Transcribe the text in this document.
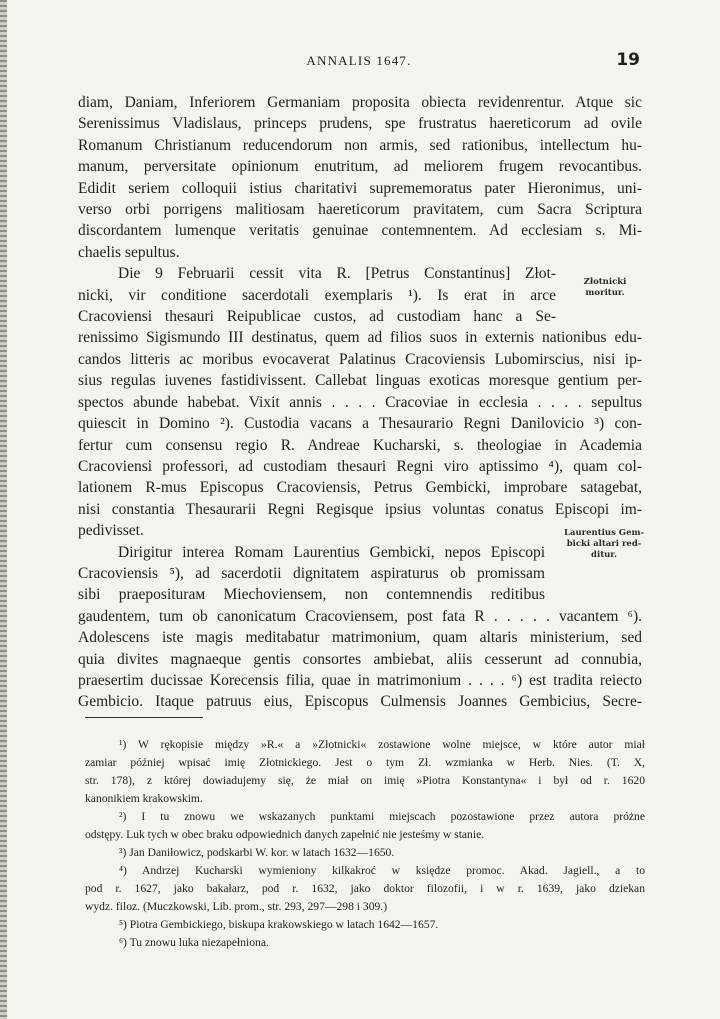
ANNALIS 1647.	19

diam, Daniam, Inferiorem Germaniam proposita obiecta revidenrentur. Atque sic

Serenissimus Vladislaus, princeps prudens, spe frustratus haereticorum ad ovile

Romanum Christianum reducendorum non armis, sed rationibus, intellectum hu-

manum, perversitate opinionum enutritum, ad meliorem frugem revocantibus.

Edidit seriem colloquii istius charitativi suprememoratus pater Hieronimus, uni-

verso orbi porrigens malitiosam haereticorum pravitatem, cum Sacra Scriptura

discordantem lumenque veritatis genuinae contemnentem. Ad ecclesiam s. Mi-

chaelis sepultus.

Die 9 Februarii cessit vita R. [Petrus Constantinus] Złot-

nicki, vir conditione sacerdotali exemplaris ¹). Is erat in arce

Cracoviensi thesauri Reipublicae custos, ad custodiam hanc a Se-

renissimo Sigismundo III destinatus, quem ad filios suos in externis nationibus edu-

candos litteris ac moribus evocaverat Palatinus Cracoviensis Lubomirscius, nisi ip-

sius regulas iuvenes fastidivissent. Callebat linguas exoticas moresque gentium per-

spectos abunde habebat. Vixit annis . . . . Cracoviae in ecclesia . . . . sepultus

quiescit in Domino ²). Custodia vacans a Thesaurario Regni Danilovicio ³) con-

fertur cum consensu regio R. Andreae Kucharski, s. theologiae in Academia

Cracoviensi professori, ad custodiam thesauri Regni viro aptissimo ⁴), quam col-

lationem R-mus Episcopus Cracoviensis, Petrus Gembicki, improbare satagebat,

nisi constantia Thesaurarii Regni Regisque ipsius voluntas conatus Episcopi im-

pedivisset.

Dirigitur interea Romam Laurentius Gembicki, nepos Episcopi

Cracoviensis ⁵), ad sacerdotii dignitatem aspiraturus ob promissam

sibi praepositurам Miechoviensem, non contemnendis reditibus

gaudentem, tum ob canonicatum Cracoviensem, post fata R . . . . . vacantem ⁶).

Adolescens iste magis meditabatur matrimonium, quam altaris ministerium, sed

quia divites magnaeque gentis consortes ambiebat, aliis cesserunt ad connubia,

praesertim ducissae Korecensis filia, quae in matrimonium . . . . ⁶) est tradita reiecto

Gembicio. Itaque patruus eius, Episcopus Culmensis Joannes Gembicius, Secre-

Złotnicki
moritur.
Laurentius Gem-
bicki altari red-
ditur.

¹) W rękopisie między »R.« a »Złotnicki« zostawione wolne miejsce, w które autor miał

zamiar później wpisać imię Złotnickiego. Jest o tym Zł. wzmianka w Herb. Nies. (T. X,

str. 178), z której dowiadujemy się, że miał on imię »Piotra Konstantyna« i był od r. 1620

kanonikiem krakowskim.

²) I tu znowu we wskazanych punktami miejscach pozostawione przez autora próżne

odstępy. Luk tych w obec braku odpowiednich danych zapełnić nie jesteśmy w stanie.

³) Jan Daniłowicz, podskarbi W. kor. w latach 1632—1650.

⁴) Andrzej Kucharski wymieniony kilkakroć w księdze promoc. Akad. Jagiell., a to

pod r. 1627, jako bakałarz, pod r. 1632, jako doktor filozofii, i w r. 1639, jako dziekan

wydz. filoz. (Muczkowski, Lib. prom., str. 293, 297—298 i 309.)

⁵) Piotra Gembickiego, biskupa krakowskiego w latach 1642—1657.

⁶) Tu znowu luka niezapełniona.
